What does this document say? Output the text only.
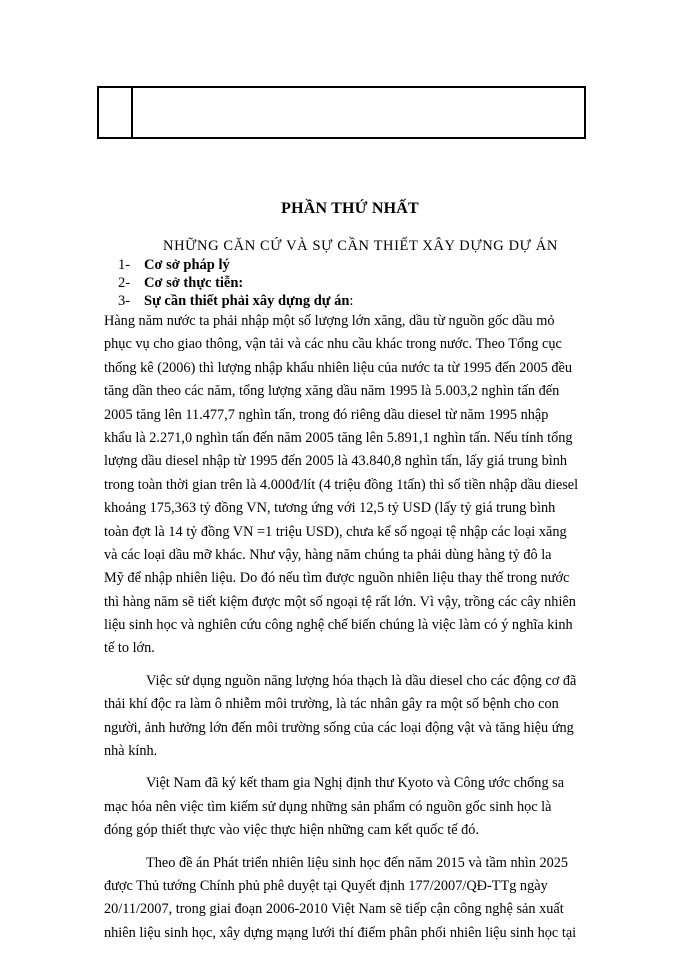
PHẦN THỨ NHẤT
NHỮNG CĂN CỨ VÀ SỰ CẦN THIẾT XÂY DỰNG DỰ ÁN
1- Cơ sở pháp lý
2- Cơ sở thực tiễn:
3- Sự cần thiết phải xây dựng dự án:
Hàng năm nước ta phải nhập một số lượng lớn xăng, dầu từ nguồn gốc dầu mỏ
phục vụ cho giao thông, vận tải và các nhu cầu khác trong nước. Theo Tổng cục
thống kê (2006) thì lượng nhập khẩu nhiên liệu của nước ta từ 1995 đến 2005 đều
tăng dần theo các năm, tổng lượng xăng dầu năm 1995 là 5.003,2 nghìn tấn đến
2005 tăng lên 11.477,7 nghìn tấn, trong đó riêng dầu diesel từ năm 1995 nhập
khẩu là 2.271,0 nghìn tấn đến năm 2005 tăng lên 5.891,1 nghìn tấn. Nếu tính tổng
lượng dầu diesel nhập từ 1995 đến 2005 là 43.840,8 nghìn tấn, lấy giá trung bình
trong toàn thời gian trên là 4.000đ/lít (4 triệu đồng 1tấn) thì số tiền nhập dầu diesel
khoảng 175,363 tỷ đồng VN, tương ứng với 12,5 tỷ USD (lấy tỷ giá trung bình
toàn đợt là 14 tỷ đồng VN =1 triệu USD), chưa kể số ngoại tệ nhập các loại xăng
và các loại dầu mỡ khác. Như vậy, hàng năm chúng ta phải dùng hàng tỷ đô la
Mỹ để nhập nhiên liệu. Do đó nếu tìm được nguồn nhiên liệu thay thế trong nước
thì hàng năm sẽ tiết kiệm được một số ngoại tệ rất lớn. Vì vậy, trồng các cây nhiên
liệu sinh học và nghiên cứu công nghệ chế biến chúng là việc làm có ý nghĩa kinh
tế to lớn.
Việc sử dụng nguồn năng lượng hóa thạch là dầu diesel cho các động cơ đã
thải khí độc ra làm ô nhiễm môi trường, là tác nhân gây ra một số bệnh cho con
người, ảnh hưởng lớn đến môi trường sống của các loại động vật và tăng hiệu ứng
nhà kính.
Việt Nam đã ký kết tham gia Nghị định thư Kyoto và Công ước chống sa
mạc hóa nên việc tìm kiếm sử dụng những sản phẩm có nguồn gốc sinh học là
đóng góp thiết thực vào việc thực hiện những cam kết quốc tế đó.
Theo đề án Phát triển nhiên liệu sinh học đến năm 2015 và tầm nhìn 2025
được Thủ tướng Chính phủ phê duyệt tại Quyết định 177/2007/QĐ-TTg ngày
20/11/2007, trong giai đoạn 2006-2010 Việt Nam sẽ tiếp cận công nghệ sản xuất
nhiên liệu sinh học, xây dựng mạng lưới thí điểm phân phối nhiên liệu sinh học tại
